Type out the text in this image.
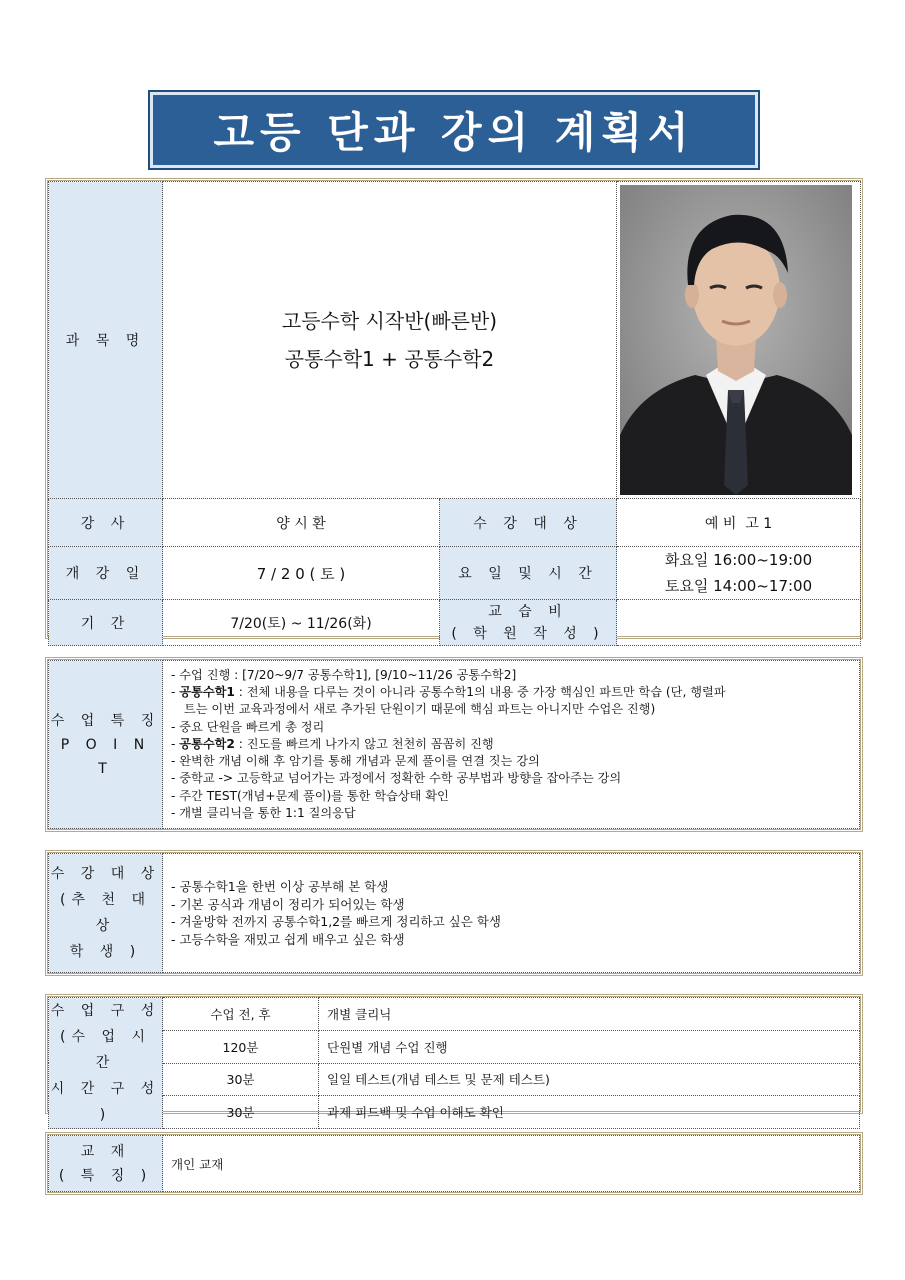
고등 단과 강의 계획서
과 목 명	고등수학 시작반(빠른반)
공통수학1 + 공통수학2

강 사	양 시 환	수 강 대 상	예 비  고 1
개 강 일	7 / 2 0 ( 토 )	요 일 및 시 간	화요일 16:00~19:00
토요일 14:00~17:00

기 간	7/20(토) ~ 11/26(화)	교 습 비
( 학 원 작 성 )	

수 업 특 징
P O I N T

- 수업 진행 : [7/20~9/7 공통수학1], [9/10~11/26 공통수학2]
- 공통수학1 : 전체 내용을 다루는 것이 아니라 공통수학1의 내용 중 가장 핵심인 파트만 학습 (단, 행렬파
트는 이번 교육과정에서 새로 추가된 단원이기 때문에 핵심 파트는 아니지만 수업은 진행)
- 중요 단원을 빠르게 총 정리
- 공통수학2 : 진도를 빠르게 나가지 않고 천천히 꼼꼼히 진행
- 완벽한 개념 이해 후 암기를 통해 개념과 문제 풀이를 연결 짓는 강의
- 중학교 -> 고등학교 넘어가는 과정에서 정확한 수학 공부법과 방향을 잡아주는 강의
- 주간 TEST(개념+문제 풀이)를 통한 학습상태 확인
- 개별 클리닉을 통한 1:1 질의응답
수 강 대 상
(추 천 대 상
학 생 )

- 공통수학1을 한번 이상 공부해 본 학생
- 기본 공식과 개념이 정리가 되어있는 학생
- 겨울방학 전까지 공통수학1,2를 빠르게 정리하고 싶은 학생
- 고등수학을 재밌고 쉽게 배우고 싶은 학생
수 업 구 성
(수 업 시 간
시 간 구 성 )	수업 전, 후	개별 클리닉
	120분	단원별 개념 수업 진행
	30분	일일 테스트(개념 테스트 및 문제 테스트)
	30분	과제 피드백 및 수업 이해도 확인
교 재
( 특 징 )
	개인 교재
